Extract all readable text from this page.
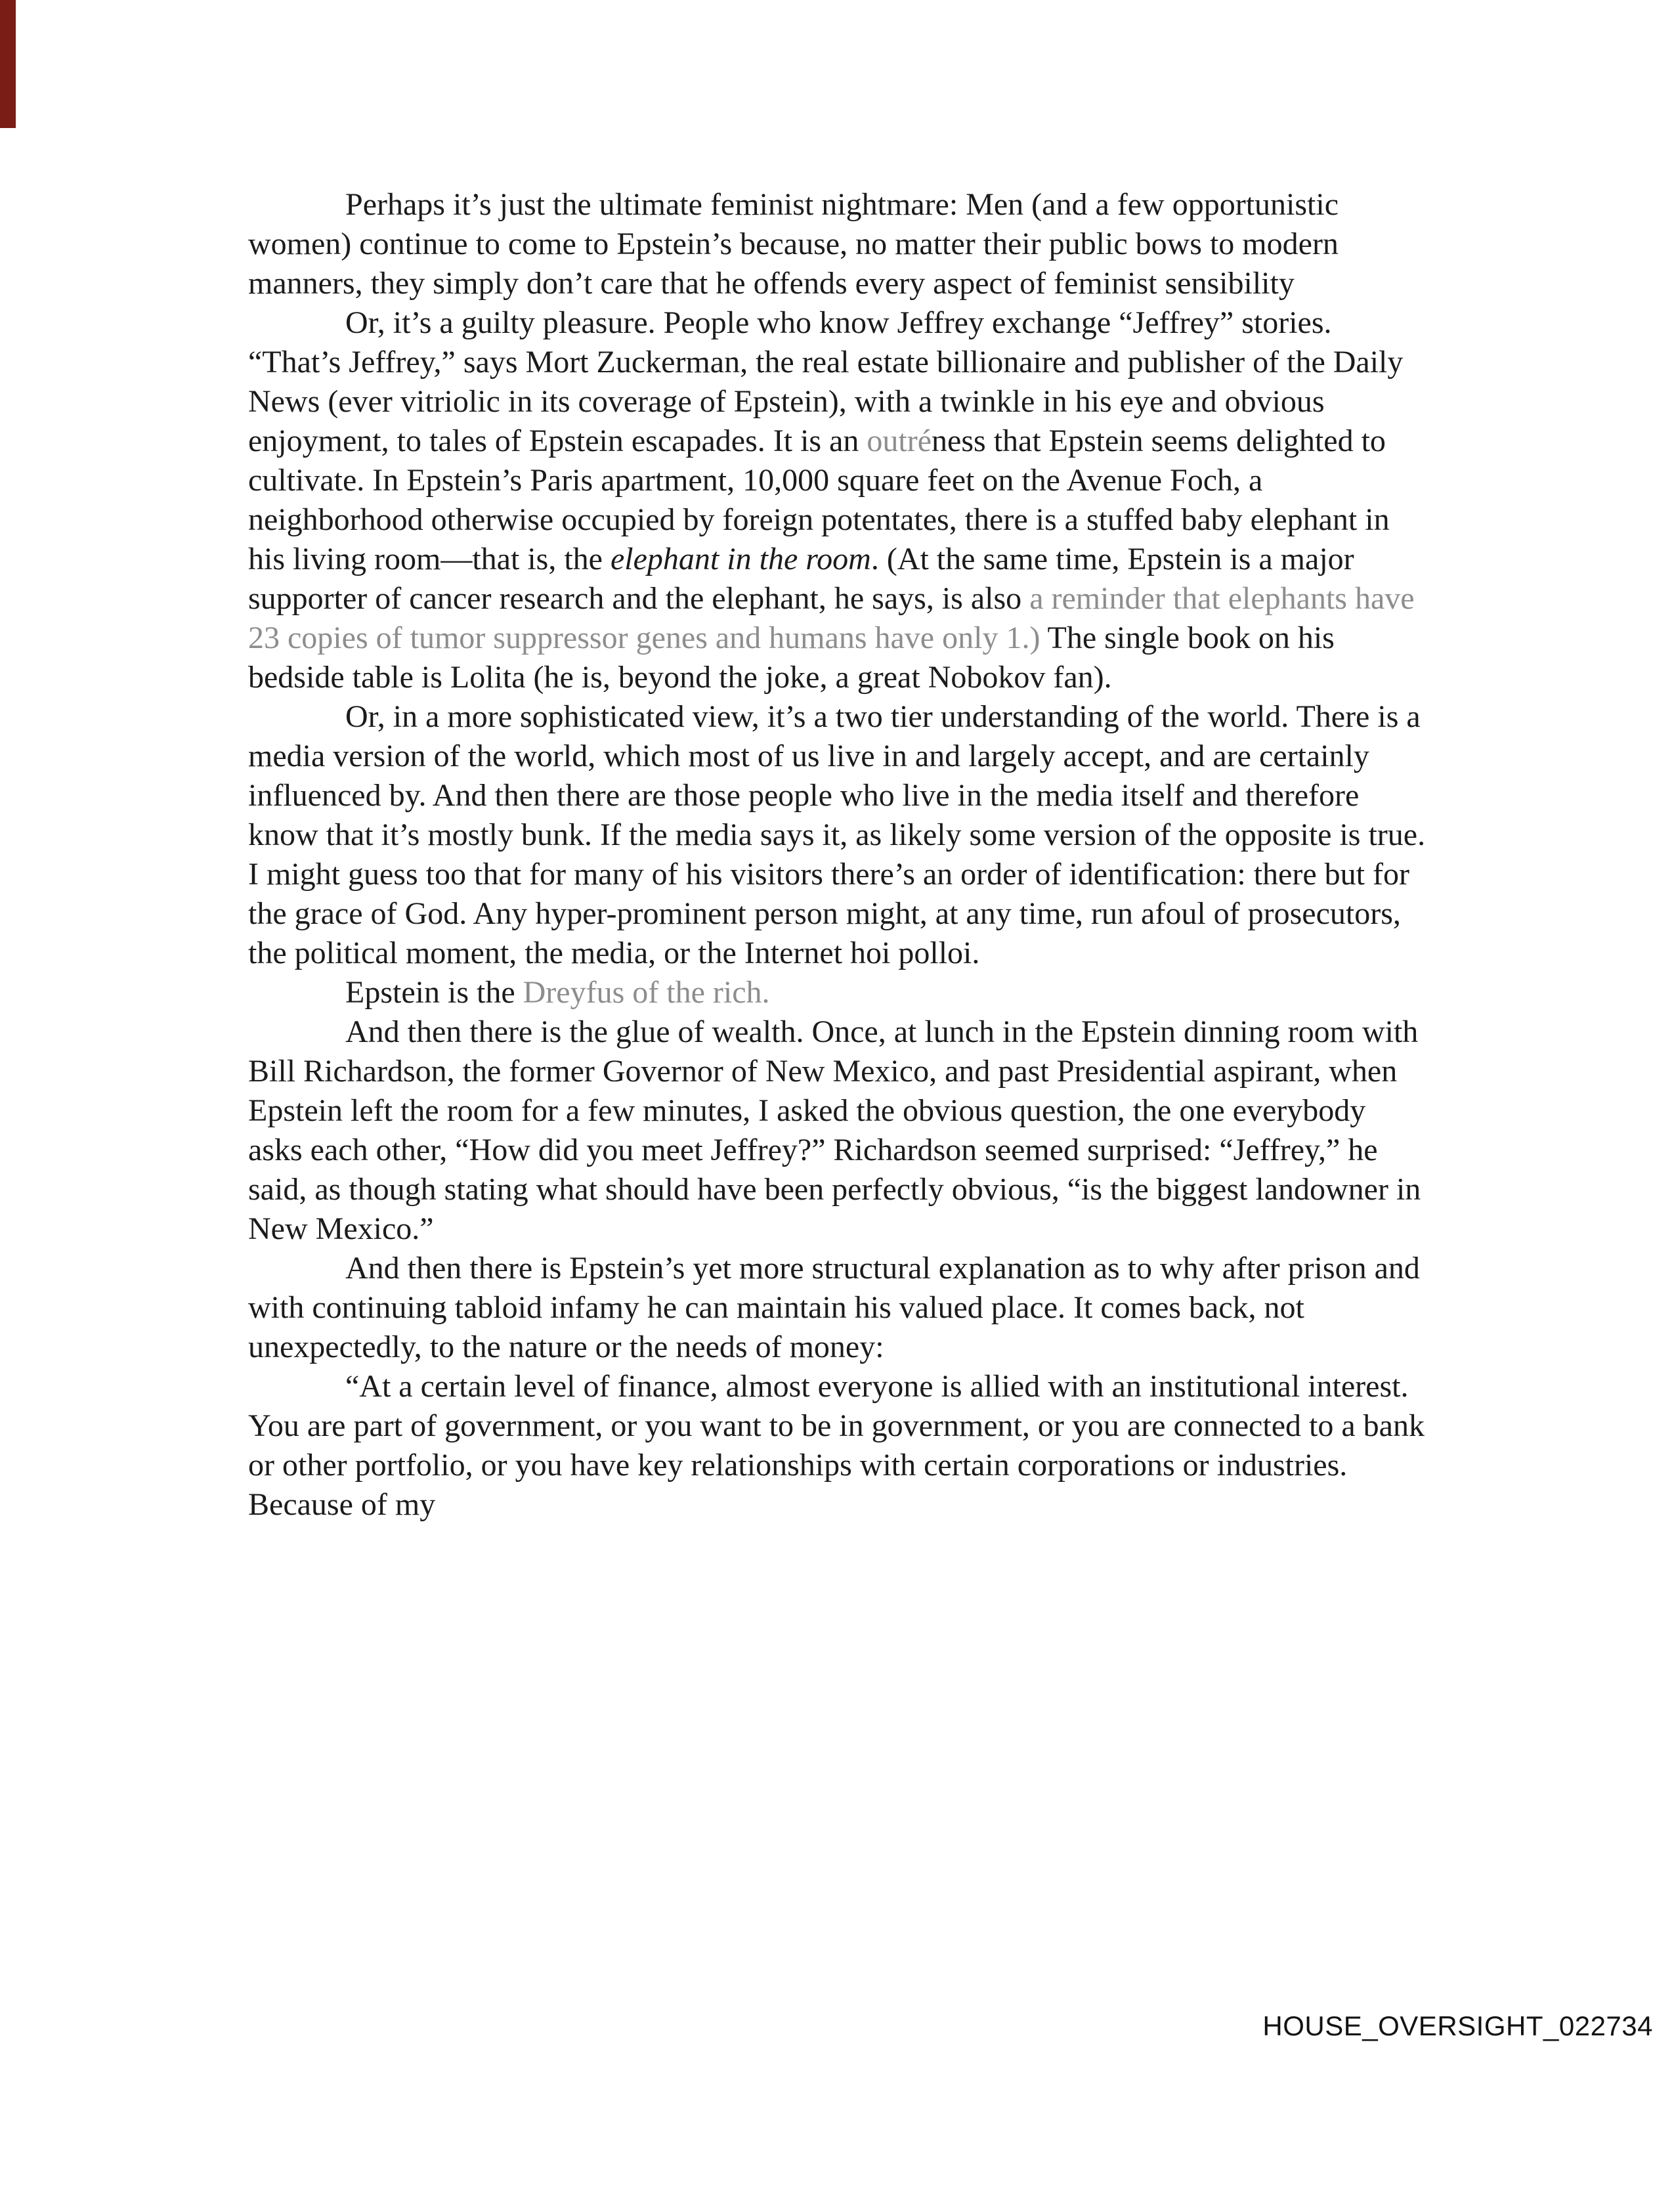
Perhaps it’s just the ultimate feminist nightmare: Men (and a few opportunistic women) continue to come to Epstein’s because, no matter their public bows to modern manners, they simply don’t care that he offends every aspect of feminist sensibility

Or, it’s a guilty pleasure. People who know Jeffrey exchange “Jeffrey” stories. “That’s Jeffrey,” says Mort Zuckerman, the real estate billionaire and publisher of the Daily News (ever vitriolic in its coverage of Epstein), with a twinkle in his eye and obvious enjoyment, to tales of Epstein escapades. It is an outréness that Epstein seems delighted to cultivate. In Epstein’s Paris apartment, 10,000 square feet on the Avenue Foch, a neighborhood otherwise occupied by foreign potentates, there is a stuffed baby elephant in his living room—that is, the elephant in the room. (At the same time, Epstein is a major supporter of cancer research and the elephant, he says, is also a reminder that elephants have 23 copies of tumor suppressor genes and humans have only 1.) The single book on his bedside table is Lolita (he is, beyond the joke, a great Nobokov fan).

Or, in a more sophisticated view, it’s a two tier understanding of the world. There is a media version of the world, which most of us live in and largely accept, and are certainly influenced by. And then there are those people who live in the media itself and therefore know that it’s mostly bunk. If the media says it, as likely some version of the opposite is true. I might guess too that for many of his visitors there’s an order of identification: there but for the grace of God. Any hyper-prominent person might, at any time, run afoul of prosecutors, the political moment, the media, or the Internet hoi polloi.

Epstein is the Dreyfus of the rich.

And then there is the glue of wealth. Once, at lunch in the Epstein dinning room with Bill Richardson, the former Governor of New Mexico, and past Presidential aspirant, when Epstein left the room for a few minutes, I asked the obvious question, the one everybody asks each other, “How did you meet Jeffrey?” Richardson seemed surprised: “Jeffrey,” he said, as though stating what should have been perfectly obvious, “is the biggest landowner in New Mexico.”

And then there is Epstein’s yet more structural explanation as to why after prison and with continuing tabloid infamy he can maintain his valued place. It comes back, not unexpectedly, to the nature or the needs of money:

“At a certain level of finance, almost everyone is allied with an institutional interest. You are part of government, or you want to be in government, or you are connected to a bank or other portfolio, or you have key relationships with certain corporations or industries. Because of my

HOUSE_OVERSIGHT_022734
